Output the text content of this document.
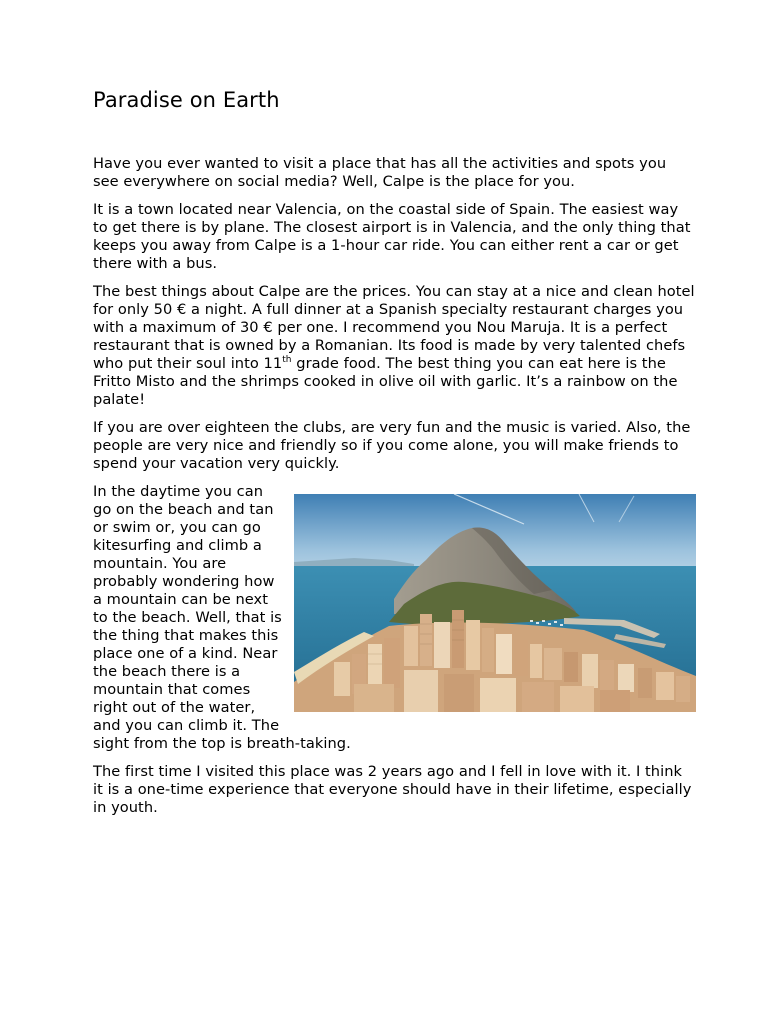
Paradise on Earth

Have you ever wanted to visit a place that has all the activities and spots you see everywhere on social media? Well, Calpe is the place for you.

It is a town located near Valencia, on the coastal side of Spain. The easiest way to get there is by plane. The closest airport is in Valencia, and the only thing that keeps you away from Calpe is a 1-hour car ride. You can either rent a car or get there with a bus.

The best things about Calpe are the prices. You can stay at a nice and clean hotel for only 50 € a night. A full dinner at a Spanish specialty restaurant charges you with a maximum of 30 € per one. I recommend you Nou Maruja. It is a perfect restaurant that is owned by a Romanian. Its food is made by very talented chefs who put their soul into 11th grade food. The best thing you can eat here is the Fritto Misto and the shrimps cooked in olive oil with garlic. It’s a rainbow on the palate!

If you are over eighteen the clubs, are very fun and the music is varied. Also, the people are very nice and friendly so if you come alone, you will make friends to spend your vacation very quickly.

In the daytime you can go on the beach and tan or swim or, you can go kitesurfing and climb a mountain. You are probably wondering how a mountain can be next to the beach. Well, that is the thing that makes this place one of a kind. Near the beach there is a mountain that comes right out of the water, and you can climb it. The sight from the top is breath-taking.

The first time I visited this place was 2 years ago and I fell in love with it. I think it is a one-time experience that everyone should have in their lifetime, especially in youth.
